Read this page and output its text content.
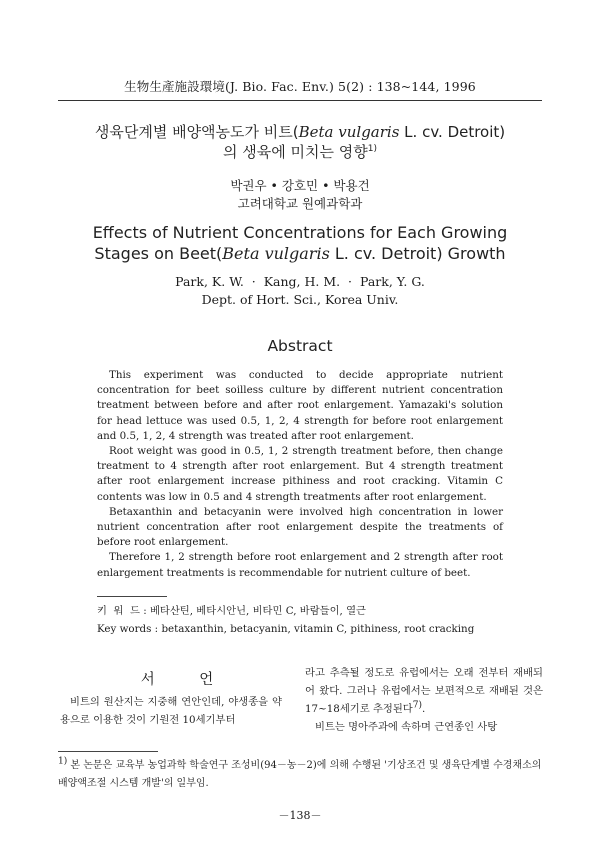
生物生產施設環境(J. Bio. Fac. Env.) 5(2) : 138~144, 1996
생육단계별 배양액농도가 비트(Beta vulgaris L. cv. Detroit)
의 생육에 미치는 영향$^{1)}$
박권우 • 강호민 • 박용건
고려대학교 원예과학과
Effects of Nutrient Concentrations for Each Growing
Stages on Beet(Beta vulgaris L. cv. Detroit) Growth
Park, K. W.  ·  Kang, H. M.  ·  Park, Y. G.
Dept. of Hort. Sci., Korea Univ.
Abstract

This experiment was conducted to decide appropriate nutrient concentration for beet soilless culture by different nutrient concentration treatment between before and after root enlargement. Yamazaki's solution for head lettuce was used 0.5, 1, 2, 4 strength for before root enlargement and 0.5, 1, 2, 4 strength was treated after root enlargement.

Root weight was good in 0.5, 1, 2 strength treatment before, then change treatment to 4 strength after root enlargement. But 4 strength treatment after root enlargement increase pithiness and root cracking. Vitamin C contents was low in 0.5 and 4 strength treatments after root enlargement.

Betaxanthin and betacyanin were involved high concentration in lower nutrient concentration after root enlargement despite the treatments of before root enlargement.

Therefore 1, 2 strength before root enlargement and 2 strength after root enlargement treatments is recommendable for nutrient culture of beet.

키  워  드 : 베타산틴, 베타시안닌, 비타민 C, 바람들이, 열근
Key words : betaxanthin, betacyanin, vitamin C, pithiness, root cracking
서 언

비트의 원산지는 지중해 연안인데, 야생종을 약용으로 이용한 것이 기원전 10세기부터

라고 추측될 정도로 유럽에서는 오래 전부터 재배되어 왔다. 그러나 유럽에서는 보편적으로 재배된 것은 17~18세기로 추정된다$^{7)}$.

비트는 명아주과에 속하며 근연종인 사탕

$^{1)}$ 본 논문은 교육부 농업과학 학술연구 조성비(94－농－2)에 의해 수행된 '기상조건 및 생육단계별 수경채소의 배양액조절 시스템 개발'의 일부임.
－138－
